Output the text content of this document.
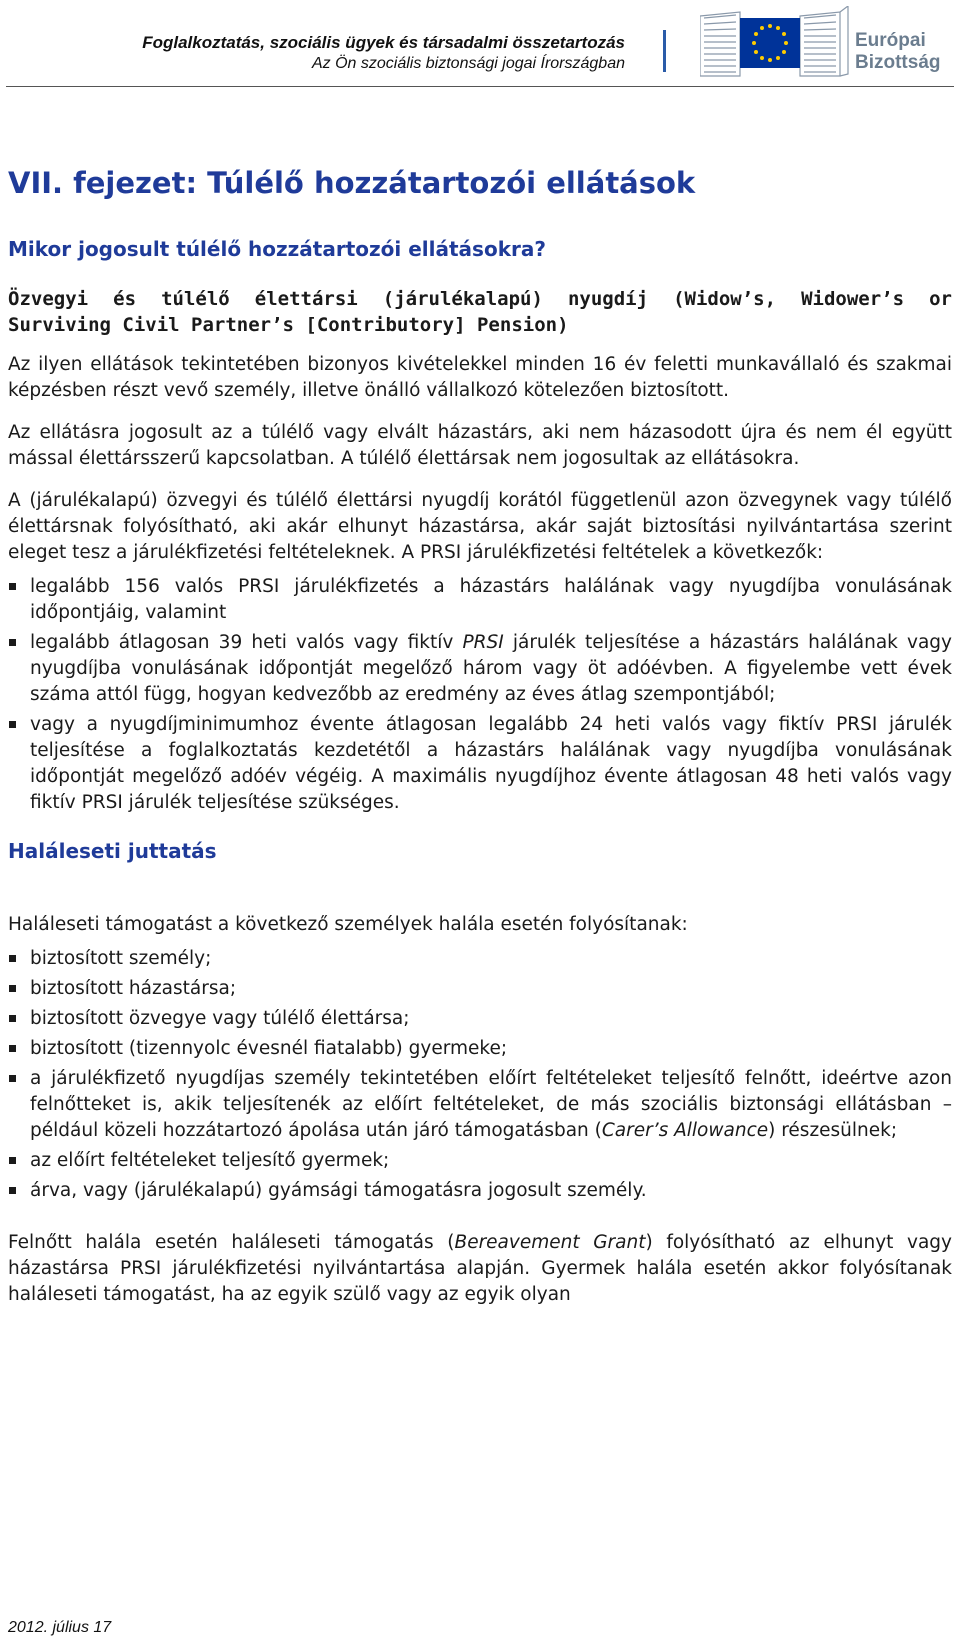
Foglalkoztatás, szociális ügyek és társadalmi összetartozás
Az Ön szociális biztonsági jogai Írországban
Európai
Bizottság
VII. fejezet: Túlélő hozzátartozói ellátások
Mikor jogosult túlélő hozzátartozói ellátásokra?
Özvegyi és túlélő élettársi (járulékalapú) nyugdíj (Widow’s, Widower’s or Surviving Civil Partner’s [Contributory] Pension)

Az ilyen ellátások tekintetében bizonyos kivételekkel minden 16 év feletti munkavállaló és szakmai képzésben részt vevő személy, illetve önálló vállalkozó kötelezően biztosított.

Az ellátásra jogosult az a túlélő vagy elvált házastárs, aki nem házasodott újra és nem él együtt mással élettársszerű kapcsolatban. A túlélő élettársak nem jogosultak az ellátásokra.

A (járulékalapú) özvegyi és túlélő élettársi nyugdíj korától függetlenül azon özvegynek vagy túlélő élettársnak folyósítható, aki akár elhunyt házastársa, akár saját biztosítási nyilvántartása szerint eleget tesz a járulékfizetési feltételeknek. A PRSI járulékfizetési feltételek a következők:

legalább 156 valós PRSI járulékfizetés a házastárs halálának vagy nyugdíjba vonulásának időpontjáig, valamint
legalább átlagosan 39 heti valós vagy fiktív PRSI járulék teljesítése a házastárs halálának vagy nyugdíjba vonulásának időpontját megelőző három vagy öt adóévben. A figyelembe vett évek száma attól függ, hogyan kedvezőbb az eredmény az éves átlag szempontjából;
vagy a nyugdíjminimumhoz évente átlagosan legalább 24 heti valós vagy fiktív PRSI járulék teljesítése a foglalkoztatás kezdetétől a házastárs halálának vagy nyugdíjba vonulásának időpontját megelőző adóév végéig. A maximális nyugdíjhoz évente átlagosan 48 heti valós vagy fiktív PRSI járulék teljesítése szükséges.
Haláleseti juttatás

Haláleseti támogatást a következő személyek halála esetén folyósítanak:

biztosított személy;
biztosított házastársa;
biztosított özvegye vagy túlélő élettársa;
biztosított (tizennyolc évesnél fiatalabb) gyermeke;
a járulékfizető nyugdíjas személy tekintetében előírt feltételeket teljesítő felnőtt, ideértve azon felnőtteket is, akik teljesítenék az előírt feltételeket, de más szociális biztonsági ellátásban – például közeli hozzátartozó ápolása után járó támogatásban (Carer’s Allowance) részesülnek;
az előírt feltételeket teljesítő gyermek;
árva, vagy (járulékalapú) gyámsági támogatásra jogosult személy.

Felnőtt halála esetén haláleseti támogatás (Bereavement Grant) folyósítható az elhunyt vagy házastársa PRSI járulékfizetési nyilvántartása alapján. Gyermek halála esetén akkor folyósítanak haláleseti támogatást, ha az egyik szülő vagy az egyik olyan

2012. július 17
